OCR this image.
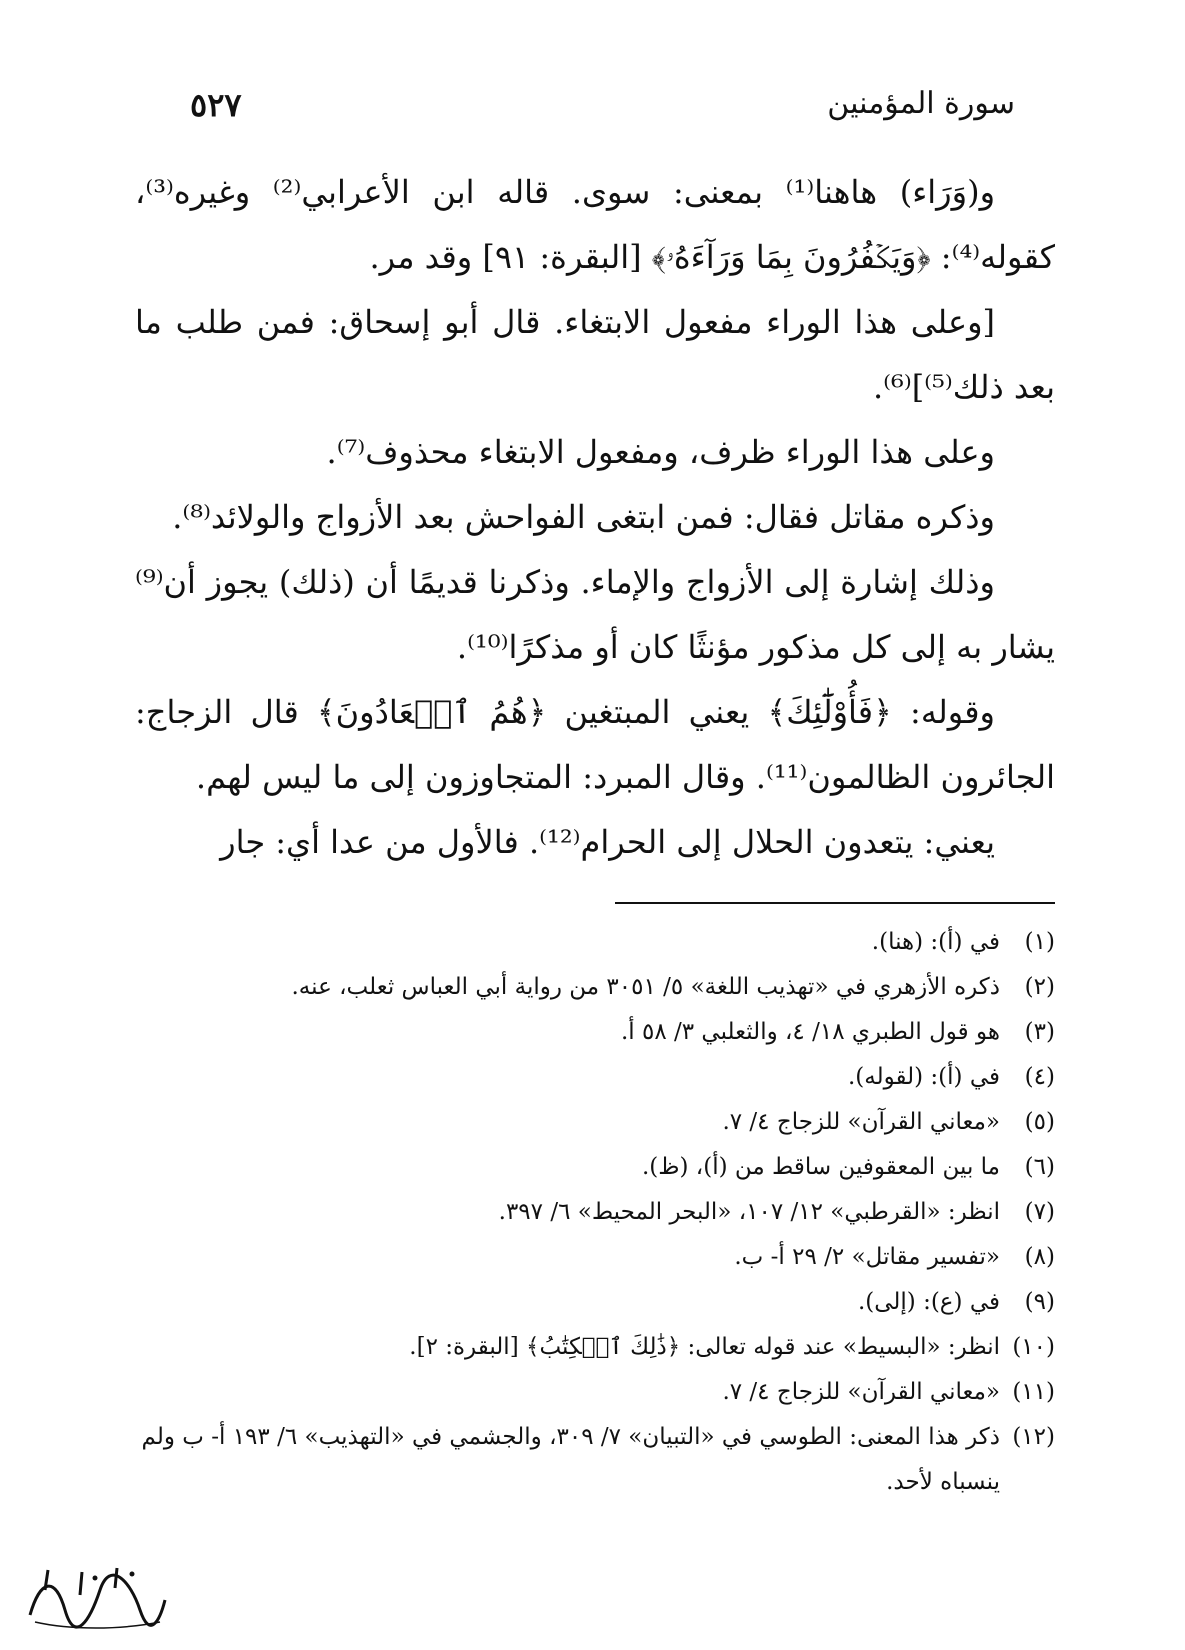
سورة المؤمنين
٥٢٧

و(وَرَاء) هاهنا⁽¹⁾ بمعنى: سوى. قاله ابن الأعرابي⁽²⁾ وغيره⁽³⁾، كقوله⁽⁴⁾: ﴿وَيَكۡفُرُونَ بِمَا وَرَآءَهُۥ﴾ [البقرة: ٩١] وقد مر.

[وعلى هذا الوراء مفعول الابتغاء. قال أبو إسحاق: فمن طلب ما بعد ذلك⁽⁵⁾]⁽⁶⁾.

وعلى هذا الوراء ظرف، ومفعول الابتغاء محذوف⁽⁷⁾.

وذكره مقاتل فقال: فمن ابتغى الفواحش بعد الأزواج والولائد⁽⁸⁾.

وذلك إشارة إلى الأزواج والإماء. وذكرنا قديمًا أن (ذلك) يجوز أن⁽⁹⁾ يشار به إلى كل مذكور مؤنثًا كان أو مذكرًا⁽¹⁰⁾.

وقوله: ﴿فَأُوْلَٰٓئِكَ﴾ يعني المبتغين ﴿هُمُ ٱلۡعَادُونَ﴾ قال الزجاج: الجائرون الظالمون⁽¹¹⁾. وقال المبرد: المتجاوزون إلى ما ليس لهم.

يعني: يتعدون الحلال إلى الحرام⁽¹²⁾. فالأول من عدا أي: جار

(١)
في (أ): (هنا).
(٢)
ذكره الأزهري في «تهذيب اللغة» ٥/ ٣٠٥١ من رواية أبي العباس ثعلب، عنه.
(٣)
هو قول الطبري ١٨/ ٤، والثعلبي ٣/ ٥٨ أ.
(٤)
في (أ): (لقوله).
(٥)
«معاني القرآن» للزجاج ٤/ ٧.
(٦)
ما بين المعقوفين ساقط من (أ)، (ظ).
(٧)
انظر: «القرطبي» ١٢/ ١٠٧، «البحر المحيط» ٦/ ٣٩٧.
(٨)
«تفسير مقاتل» ٢/ ٢٩ أ- ب.
(٩)
في (ع): (إلى).
(١٠)
انظر: «البسيط» عند قوله تعالى: ﴿ذَٰلِكَ ٱلۡكِتَٰبُ﴾ [البقرة: ٢].
(١١)
«معاني القرآن» للزجاج ٤/ ٧.
(١٢)
ذكر هذا المعنى: الطوسي في «التبيان» ٧/ ٣٠٩، والجشمي في «التهذيب» ٦/ ١٩٣ أ- ب ولم ينسباه لأحد.
